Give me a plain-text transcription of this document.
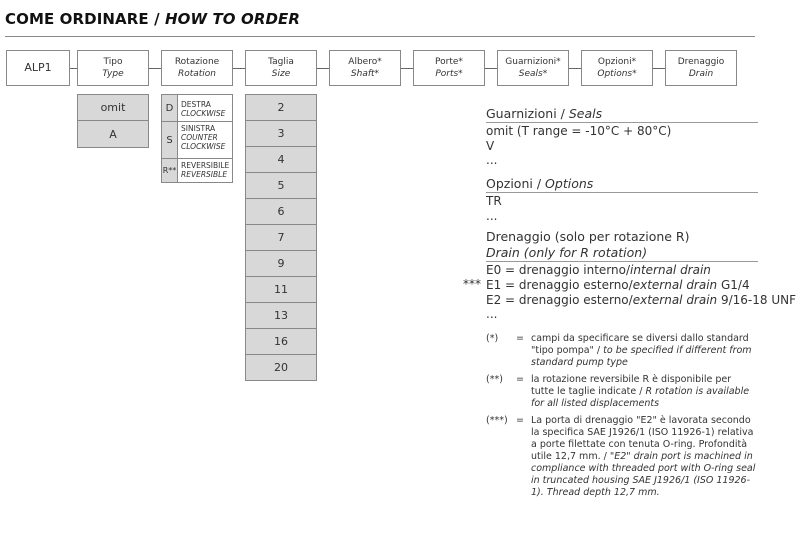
COME ORDINARE / HOW TO ORDER
ALP1	Tipo
Type
Rotazione
Rotation
Taglia
Size
Albero*
Shaft*
Porte*
Ports*
Guarnizioni*
Seals*
Opzioni*
Options*
Drenaggio
Drain
omit
A
D	DESTRA
CLOCKWISE
S
SINISTRA
COUNTER
CLOCKWISE
R**
REVERSIBILE
REVERSIBLE
2
3
4
5
6
7
9
11
13
16
20
Guarnizioni / Seals
omit (T range = -10°C + 80°C)
V
...
Opzioni / Options
TR
...
Drenaggio (solo per rotazione R)
Drain (only for R rotation)
E0 = drenaggio interno/internal drain
*** E1 = drenaggio esterno/external drain G1/4
E2 = drenaggio esterno/external drain 9/16-18 UNF
...
(*) = campi da specificare se diversi dallo standard "tipo pompa" / to be specified if different from standard pump type
(**) = la rotazione reversibile R è disponibile per tutte le taglie indicate / R rotation is available for all listed displacements
(***) = La porta di drenaggio "E2" è lavorata secondo la specifica SAE J1926/1 (ISO 11926-1) relativa a porte filettate con tenuta O-ring. Profondità utile 12,7 mm. / "E2" drain port is machined in compliance with threaded port with O-ring seal in truncated housing SAE J1926/1 (ISO 11926-1). Thread depth 12,7 mm.
